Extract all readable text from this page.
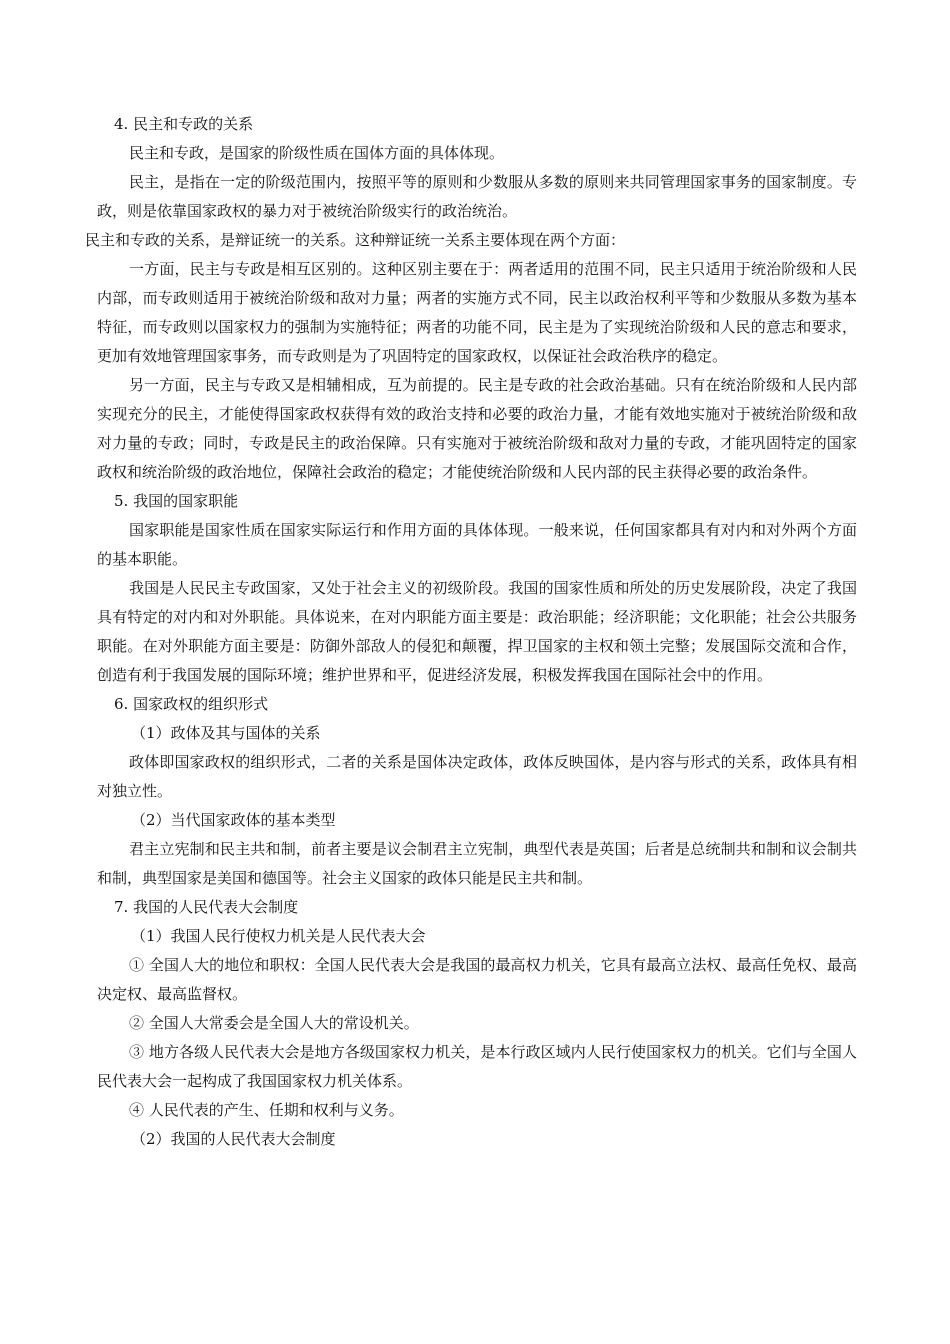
4. 民主和专政的关系

民主和专政，是国家的阶级性质在国体方面的具体体现。

民主，是指在一定的阶级范围内，按照平等的原则和少数服从多数的原则来共同管理国家事务的国家制度。专政，则是依靠国家政权的暴力对于被统治阶级实行的政治统治。

民主和专政的关系，是辩证统一的关系。这种辩证统一关系主要体现在两个方面：

一方面，民主与专政是相互区别的。这种区别主要在于：两者适用的范围不同，民主只适用于统治阶级和人民内部，而专政则适用于被统治阶级和敌对力量；两者的实施方式不同，民主以政治权利平等和少数服从多数为基本特征，而专政则以国家权力的强制为实施特征；两者的功能不同，民主是为了实现统治阶级和人民的意志和要求，更加有效地管理国家事务，而专政则是为了巩固特定的国家政权，以保证社会政治秩序的稳定。

另一方面，民主与专政又是相辅相成，互为前提的。民主是专政的社会政治基础。只有在统治阶级和人民内部实现充分的民主，才能使得国家政权获得有效的政治支持和必要的政治力量，才能有效地实施对于被统治阶级和敌对力量的专政；同时，专政是民主的政治保障。只有实施对于被统治阶级和敌对力量的专政，才能巩固特定的国家政权和统治阶级的政治地位，保障社会政治的稳定；才能使统治阶级和人民内部的民主获得必要的政治条件。

5. 我国的国家职能

国家职能是国家性质在国家实际运行和作用方面的具体体现。一般来说，任何国家都具有对内和对外两个方面的基本职能。

我国是人民民主专政国家，又处于社会主义的初级阶段。我国的国家性质和所处的历史发展阶段，决定了我国具有特定的对内和对外职能。具体说来，在对内职能方面主要是：政治职能；经济职能；文化职能；社会公共服务职能。在对外职能方面主要是：防御外部敌人的侵犯和颠覆，捍卫国家的主权和领土完整；发展国际交流和合作，创造有利于我国发展的国际环境；维护世界和平，促进经济发展，积极发挥我国在国际社会中的作用。

6. 国家政权的组织形式

（1）政体及其与国体的关系

政体即国家政权的组织形式，二者的关系是国体决定政体，政体反映国体，是内容与形式的关系，政体具有相对独立性。

（2）当代国家政体的基本类型

君主立宪制和民主共和制，前者主要是议会制君主立宪制，典型代表是英国；后者是总统制共和制和议会制共和制，典型国家是美国和德国等。社会主义国家的政体只能是民主共和制。

7. 我国的人民代表大会制度

（1）我国人民行使权力机关是人民代表大会

① 全国人大的地位和职权：全国人民代表大会是我国的最高权力机关，它具有最高立法权、最高任免权、最高决定权、最高监督权。

② 全国人大常委会是全国人大的常设机关。

③ 地方各级人民代表大会是地方各级国家权力机关，是本行政区域内人民行使国家权力的机关。它们与全国人民代表大会一起构成了我国国家权力机关体系。

④ 人民代表的产生、任期和权利与义务。

（2）我国的人民代表大会制度
